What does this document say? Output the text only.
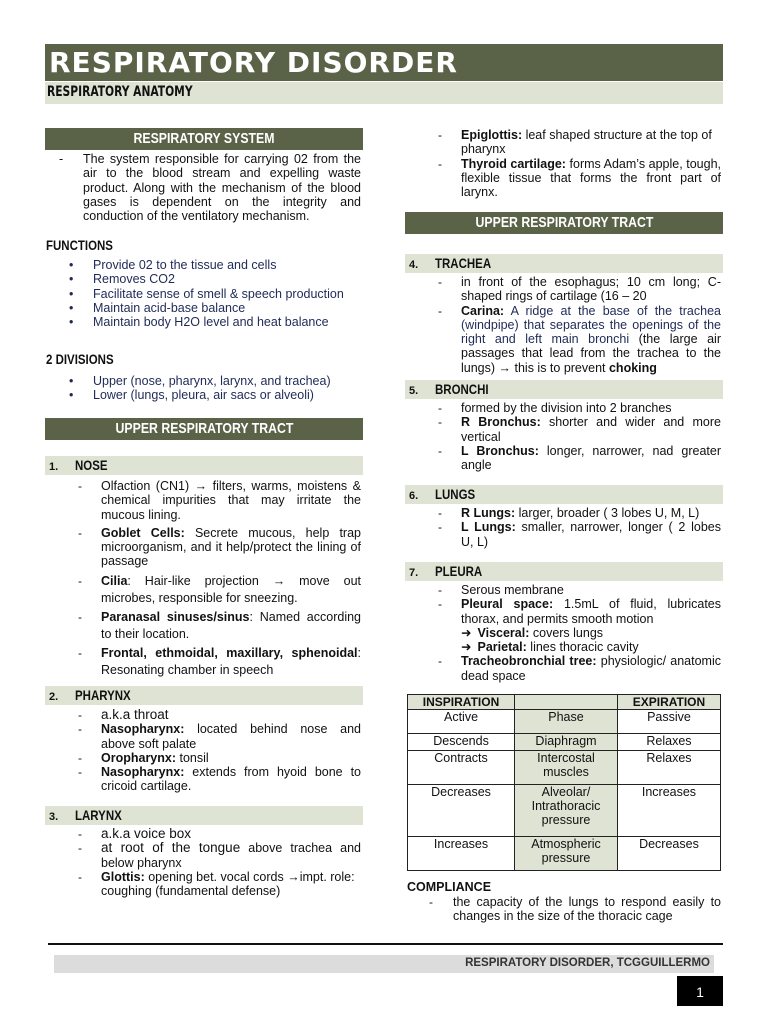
RESPIRATORY DISORDER
RESPIRATORY ANATOMY
RESPIRATORY SYSTEM
- The system responsible for carrying 02 from the air to the blood stream and expelling waste product. Along with the mechanism of the blood gases is dependent on the integrity and conduction of the ventilatory mechanism.
FUNCTIONS
• Provide 02 to the tissue and cells
• Removes CO2
• Facilitate sense of smell & speech production
• Maintain acid-base balance
• Maintain body H2O level and heat balance
2 DIVISIONS
• Upper (nose, pharynx, larynx, and trachea)
• Lower (lungs, pleura, air sacs or alveoli)
UPPER RESPIRATORY TRACT
1. NOSE
- Olfaction (CN1) → filters, warms, moistens & chemical impurities that may irritate the mucous lining.
- Goblet Cells: Secrete mucous, help trap microorganism, and it help/protect the lining of passage
- Cilia: Hair-like projection → move out microbes, responsible for sneezing.
- Paranasal sinuses/sinus: Named according to their location.
- Frontal, ethmoidal, maxillary, sphenoidal: Resonating chamber in speech
2. PHARYNX
- a.k.a throat
- Nasopharynx: located behind nose and above soft palate
- Oropharynx: tonsil
- Nasopharynx: extends from hyoid bone to cricoid cartilage.
3. LARYNX
- a.k.a voice box
- at root of the tongue above trachea and below pharynx
- Glottis: opening bet. vocal cords →impt. role: coughing (fundamental defense)
- Epiglottis: leaf shaped structure at the top of pharynx
- Thyroid cartilage: forms Adam’s apple, tough, flexible tissue that forms the front part of larynx.
UPPER RESPIRATORY TRACT
4. TRACHEA
- in front of the esophagus; 10 cm long; C-shaped rings of cartilage (16 – 20
- Carina: A ridge at the base of the trachea (windpipe) that separates the openings of the right and left main bronchi (the large air passages that lead from the trachea to the lungs) → this is to prevent choking
5. BRONCHI
- formed by the division into 2 branches
- R Bronchus: shorter and wider and more vertical
- L Bronchus: longer, narrower, nad greater angle
6. LUNGS
- R Lungs: larger, broader ( 3 lobes U, M, L)
- L Lungs: smaller, narrower, longer ( 2 lobes U, L)
7. PLEURA
- Serous membrane
- Pleural space: 1.5mL of fluid, lubricates thorax, and permits smooth motion
➜ Visceral: covers lungs
➜ Parietal: lines thoracic cavity
- Tracheobronchial tree: physiologic/ anatomic dead space
INSPIRATION		EXPIRATION
Active	Phase	Passive
Descends	Diaphragm	Relaxes
Contracts	Intercostal muscles	Relaxes
Decreases	Alveolar/ Intrathoracic pressure	Increases
Increases	Atmospheric pressure	Decreases
COMPLIANCE
- the capacity of the lungs to respond easily to changes in the size of the thoracic cage
RESPIRATORY DISORDER, TCGGUILLERMO
1
